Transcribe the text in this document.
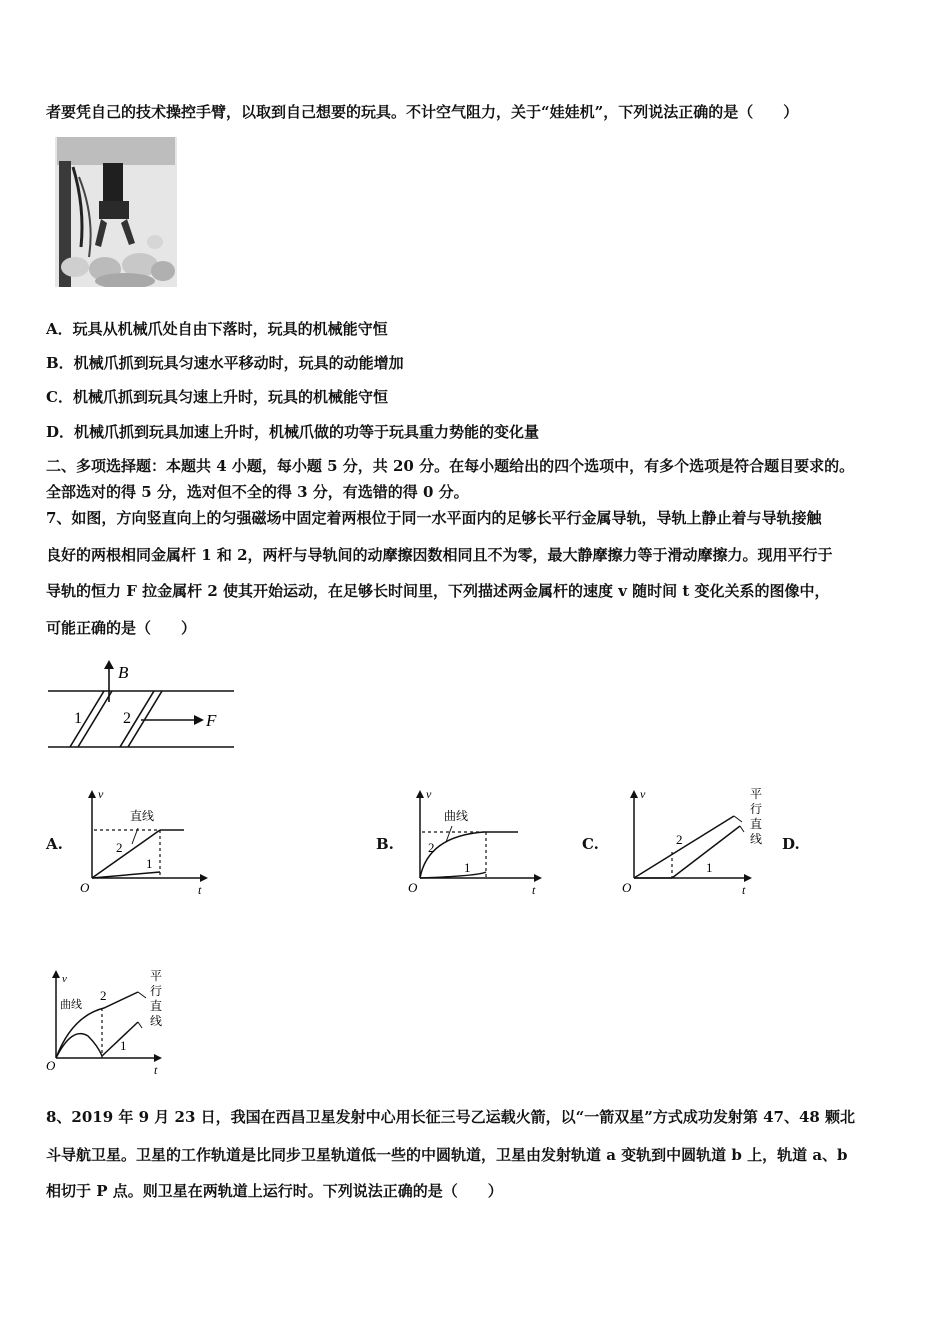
者要凭自己的技术操控手臂，以取到自己想要的玩具。不计空气阻力，关于“娃娃机”，下列说法正确的是（　　）
A．玩具从机械爪处自由下落时，玩具的机械能守恒
B．机械爪抓到玩具匀速水平移动时，玩具的动能增加
C．机械爪抓到玩具匀速上升时，玩具的机械能守恒
D．机械爪抓到玩具加速上升时，机械爪做的功等于玩具重力势能的变化量
二、多项选择题：本题共 4 小题，每小题 5 分，共 20 分。在每小题给出的四个选项中，有多个选项是符合题目要求的。
全部选对的得 5 分，选对但不全的得 3 分，有选错的得 0 分。
7、如图，方向竖直向上的匀强磁场中固定着两根位于同一水平面内的足够长平行金属导轨，导轨上静止着与导轨接触
良好的两根相同金属杆 1 和 2，两杆与导轨间的动摩擦因数相同且不为零，最大静摩擦力等于滑动摩擦力。现用平行于
导轨的恒力 F 拉金属杆 2 使其开始运动，在足够长时间里，下列描述两金属杆的速度 v 随时间 t 变化关系的图像中，
可能正确的是（　　）
B
F
1	2
A.	B.	C.	D.
v
t
O
直线
2
1
v
t
O
曲线
2
1
v
t
O
平
行
直
线
2
1
v
t
O
曲线
平
行
直
线
2
1
8、2019 年 9 月 23 日，我国在西昌卫星发射中心用长征三号乙运载火箭，以“一箭双星”方式成功发射第 47、48 颗北
斗导航卫星。卫星的工作轨道是比同步卫星轨道低一些的中圆轨道，卫星由发射轨道 a 变轨到中圆轨道 b 上，轨道 a、b
相切于 P 点。则卫星在两轨道上运行时。下列说法正确的是（　　）
